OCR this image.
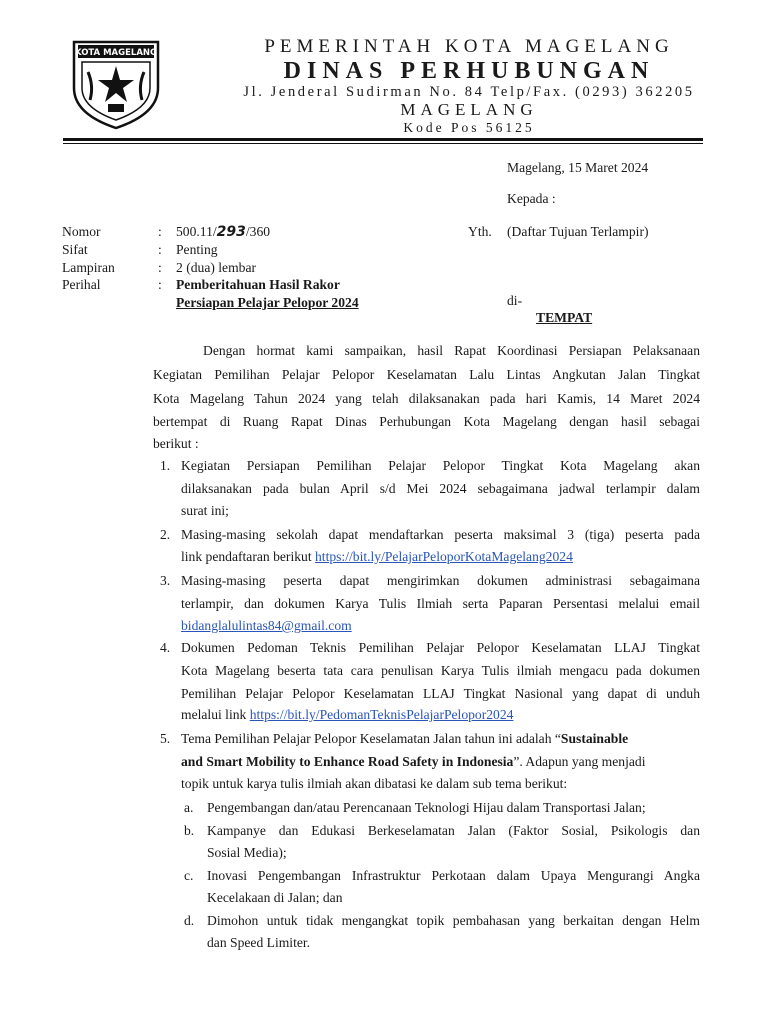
KOTA MAGELANG	PEMERINTAH KOTA MAGELANG
DINAS PERHUBUNGAN
Jl. Jenderal Sudirman No. 84 Telp/Fax. (0293) 362205
MAGELANG
Kode Pos 56125
Magelang, 15 Maret 2024
Kepada :
Yth. (Daftar Tujuan Terlampir)
di-
TEMPAT
Nomor	: 500.11/293/360
Sifat	: Penting
Lampiran	: 2 (dua) lembar
Perihal	: Pemberitahuan Hasil Rakor
Persiapan Pelajar Pelopor 2024
Dengan hormat kami sampaikan, hasil Rapat Koordinasi Persiapan Pelaksanaan
Kegiatan Pemilihan Pelajar Pelopor Keselamatan Lalu Lintas Angkutan Jalan Tingkat
Kota Magelang Tahun 2024 yang telah dilaksanakan pada hari Kamis, 14 Maret 2024
bertempat di Ruang Rapat Dinas Perhubungan Kota Magelang dengan hasil sebagai
berikut :
1. Kegiatan Persiapan Pemilihan Pelajar Pelopor Tingkat Kota Magelang akan
dilaksanakan pada bulan April s/d Mei 2024 sebagaimana jadwal terlampir dalam
surat ini;
2. Masing-masing sekolah dapat mendaftarkan peserta maksimal 3 (tiga) peserta pada
link pendaftaran berikut https://bit.ly/PelajarPeloporKotaMagelang2024
3. Masing-masing peserta dapat mengirimkan dokumen administrasi sebagaimana
terlampir, dan dokumen Karya Tulis Ilmiah serta Paparan Persentasi melalui email
bidanglalulintas84@gmail.com
4. Dokumen Pedoman Teknis Pemilihan Pelajar Pelopor Keselamatan LLAJ Tingkat
Kota Magelang beserta tata cara penulisan Karya Tulis ilmiah mengacu pada dokumen
Pemilihan Pelajar Pelopor Keselamatan LLAJ Tingkat Nasional yang dapat di unduh
melalui link https://bit.ly/PedomanTeknisPelajarPelopor2024
5. Tema Pemilihan Pelajar Pelopor Keselamatan Jalan tahun ini adalah “Sustainable
and Smart Mobility to Enhance Road Safety in Indonesia”. Adapun yang menjadi
topik untuk karya tulis ilmiah akan dibatasi ke dalam sub tema berikut:
a. Pengembangan dan/atau Perencanaan Teknologi Hijau dalam Transportasi Jalan;
b. Kampanye dan Edukasi Berkeselamatan Jalan (Faktor Sosial, Psikologis dan
Sosial Media);
c. Inovasi Pengembangan Infrastruktur Perkotaan dalam Upaya Mengurangi Angka
Kecelakaan di Jalan; dan
d. Dimohon untuk tidak mengangkat topik pembahasan yang berkaitan dengan Helm
dan Speed Limiter.
